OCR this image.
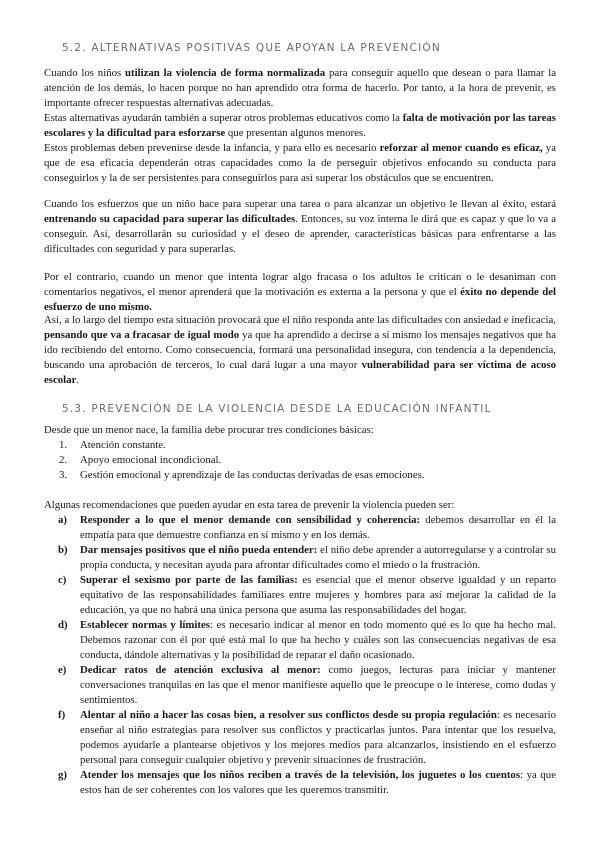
5.2. ALTERNATIVAS POSITIVAS QUE APOYAN LA PREVENCIÓN

Cuando los niños utilizan la violencia de forma normalizada para conseguir aquello que desean o para llamar la atención de los demás, lo hacen porque no han aprendido otra forma de hacerlo. Por tanto, a la hora de prevenir, es importante ofrecer respuestas alternativas adecuadas.

Estas alternativas ayudarán también a superar otros problemas educativos como la falta de motivación por las tareas escolares y la dificultad para esforzarse que presentan algunos menores.

Estos problemas deben prevenirse desde la infancia, y para ello es necesario reforzar al menor cuando es eficaz, ya que de esa eficacia dependerán otras capacidades como la de perseguir objetivos enfocando su conducta para conseguirlos y la de ser persistentes para conseguirlos para así superar los obstáculos que se encuentren.

Cuando los esfuerzos que un niño hace para superar una tarea o para alcanzar un objetivo le llevan al éxito, estará entrenando su capacidad para superar las dificultades. Entonces, su voz interna le dirá que es capaz y que lo va a conseguir. Así, desarrollarán su curiosidad y el deseo de aprender, características básicas para enfrentarse a las dificultades con seguridad y para superarlas.

Por el contrario, cuando un menor que intenta lograr algo fracasa o los adultos le critican o le desaniman con comentarios negativos, el menor aprenderá que la motivación es externa a la persona y que el éxito no depende del esfuerzo de uno mismo.

Así, a lo largo del tiempo esta situación provocará que el niño responda ante las dificultades con ansiedad e ineficacia, pensando que va a fracasar de igual modo ya que ha aprendido a decirse a sí mismo los mensajes negativos que ha ido recibiendo del entorno. Como consecuencia, formará una personalidad insegura, con tendencia a la dependencia, buscando una aprobación de terceros, lo cual dará lugar a una mayor vulnerabilidad para ser víctima de acoso escolar.

5.3. PREVENCIÓN DE LA VIOLENCIA DESDE LA EDUCACIÓN INFANTIL

Desde que un menor nace, la familia debe procurar tres condiciones básicas:

1. Atención constante.
2. Apoyo emocional incondicional.
3. Gestión emocional y aprendizaje de las conductas derivadas de esas emociones.

Algunas recomendaciones que pueden ayudar en esta tarea de prevenir la violencia pueden ser:

a) Responder a lo que el menor demande con sensibilidad y coherencia: debemos desarrollar en él la empatía para que demuestre confianza en sí mismo y en los demás.
b) Dar mensajes positivos que el niño pueda entender: el niño debe aprender a autorregularse y a controlar su propia conducta, y necesitan ayuda para afrontar dificultades como el miedo o la frustración.
c) Superar el sexismo por parte de las familias: es esencial que el menor observe igualdad y un reparto equitativo de las responsabilidades familiares entre mujeres y hombres para así mejorar la calidad de la educación, ya que no habrá una única persona que asuma las responsabilidades del hogar.
d) Establecer normas y límites: es necesario indicar al menor en todo momento qué es lo que ha hecho mal. Debemos razonar con él por qué está mal lo que ha hecho y cuáles son las consecuencias negativas de esa conducta, dándole alternativas y la posibilidad de reparar el daño ocasionado.
e) Dedicar ratos de atención exclusiva al menor: como juegos, lecturas para iniciar y mantener conversaciones tranquilas en las que el menor manifieste aquello que le preocupe o le interese, como dudas y sentimientos.
f) Alentar al niño a hacer las cosas bien, a resolver sus conflictos desde su propia regulación: es necesario enseñar al niño estrategias para resolver sus conflictos y practicarlas juntos. Para intentar que los resuelva, podemos ayudarle a plantearse objetivos y los mejores medios para alcanzarlos, insistiendo en el esfuerzo personal para conseguir cualquier objetivo y prevenir situaciones de frustración.
g) Atender los mensajes que los niños reciben a través de la televisión, los juguetes o los cuentos: ya que estos han de ser coherentes con los valores que les queremos transmitir.
